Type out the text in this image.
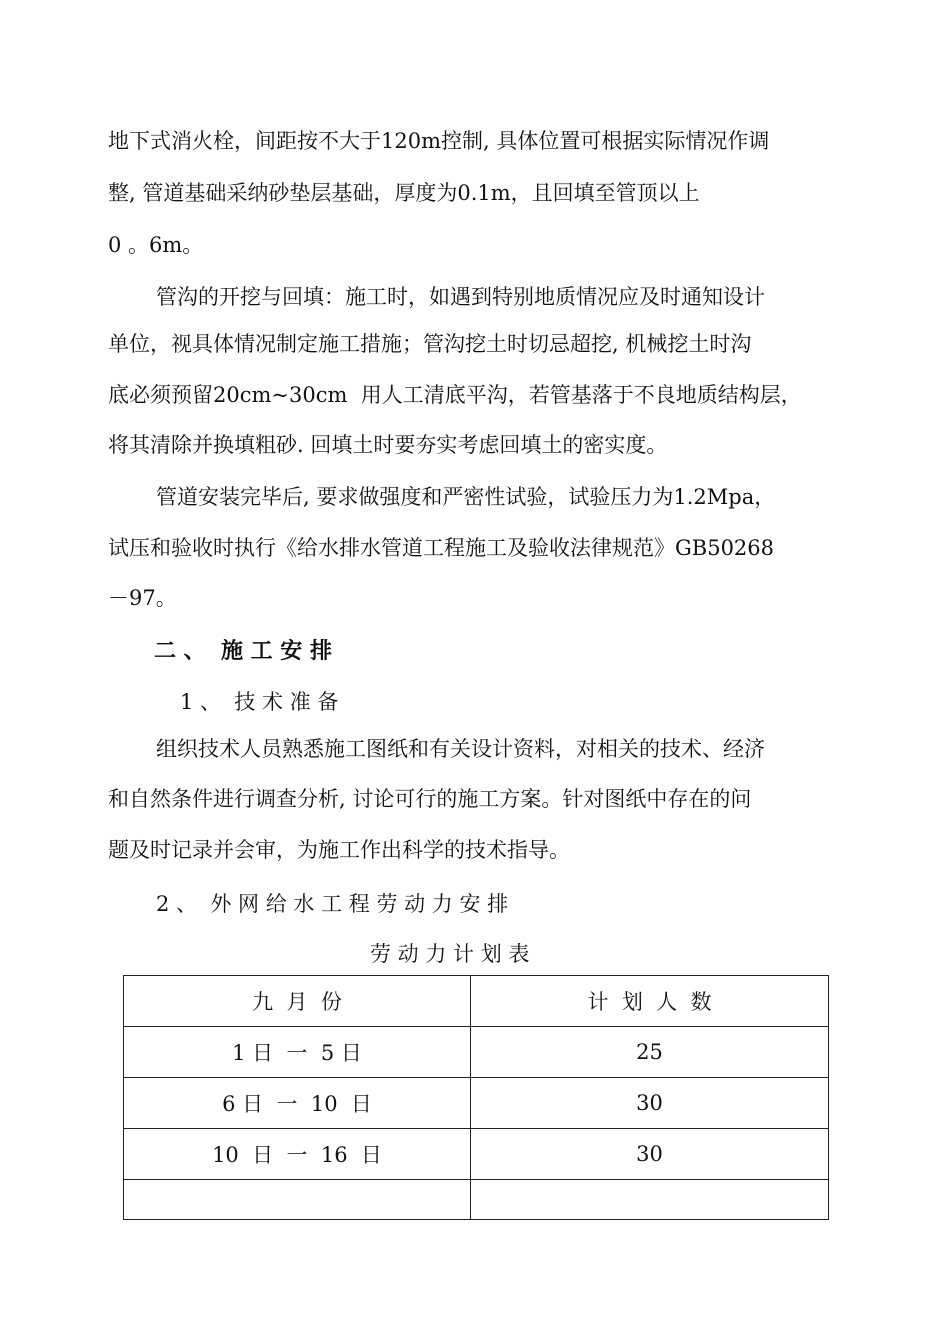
地下式消火栓，间距按不大于120m控制, 具体位置可根据实际情况作调
整, 管道基础采纳砂垫层基础，厚度为0.1m，且回填至管顶以上
0 。6m。
管沟的开挖与回填：施工时，如遇到特别地质情况应及时通知设计
单位，视具体情况制定施工措施；管沟挖土时切忌超挖, 机械挖土时沟
底必须预留20cm~30cm  用人工清底平沟，若管基落于不良地质结构层，
将其清除并换填粗砂. 回填土时要夯实考虑回填土的密实度。
管道安装完毕后, 要求做强度和严密性试验，试验压力为1.2Mpa，
试压和验收时执行《给水排水管道工程施工及验收法律规范》GB50268
－97。
二 、  施 工 安 排
1 、  技 术 准 备
组织技术人员熟悉施工图纸和有关设计资料，对相关的技术、经济
和自然条件进行调查分析, 讨论可行的施工方案。针对图纸中存在的问
题及时记录并会审，为施工作出科学的技术指导。
2 、  外 网 给 水 工 程 劳 动 力 安 排
劳 动 力 计 划 表
九  月  份	计  划  人  数
1 日  一  5 日	25
6 日  一  10  日	30
10  日  一  16  日	30
